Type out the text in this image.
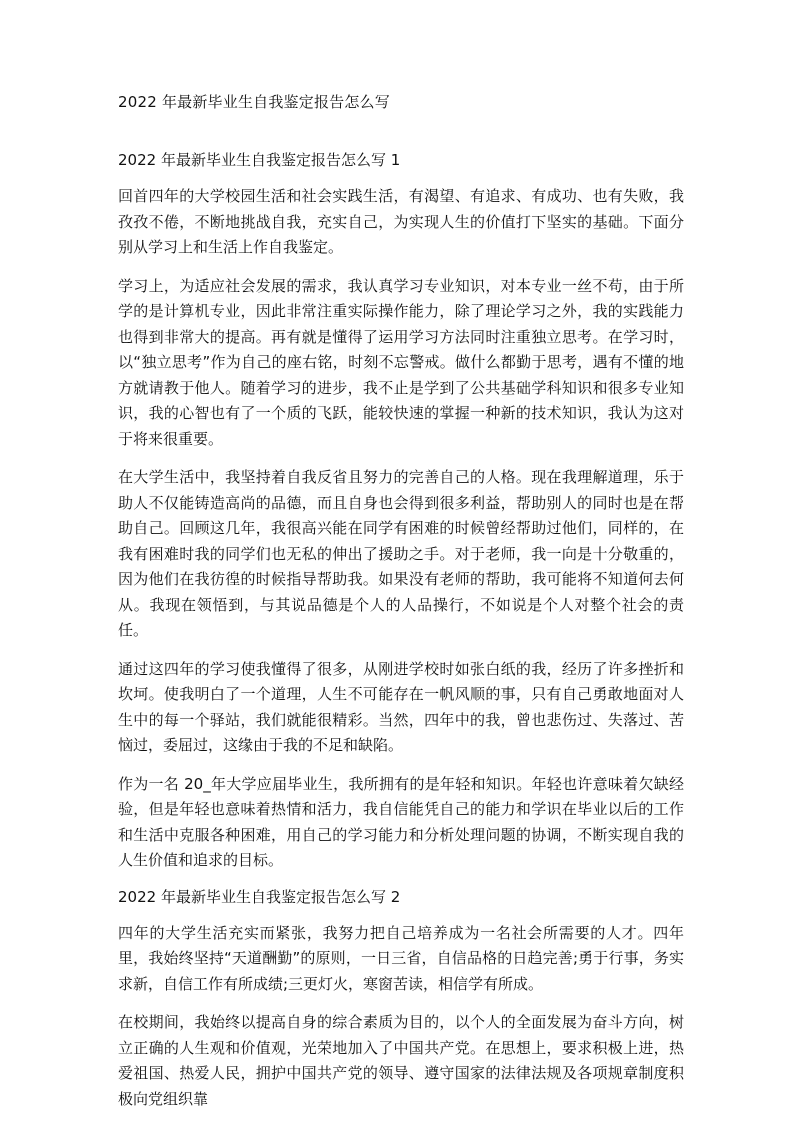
2022 年最新毕业生自我鉴定报告怎么写
2022 年最新毕业生自我鉴定报告怎么写 1

回首四年的大学校园生活和社会实践生活，有渴望、有追求、有成功、也有失败，我孜孜不倦，不断地挑战自我，充实自己，为实现人生的价值打下坚实的基础。下面分别从学习上和生活上作自我鉴定。

学习上，为适应社会发展的需求，我认真学习专业知识，对本专业一丝不苟，由于所学的是计算机专业，因此非常注重实际操作能力，除了理论学习之外，我的实践能力也得到非常大的提高。再有就是懂得了运用学习方法同时注重独立思考。在学习时，以“独立思考”作为自己的座右铭，时刻不忘警戒。做什么都勤于思考，遇有不懂的地方就请教于他人。随着学习的进步，我不止是学到了公共基础学科知识和很多专业知识，我的心智也有了一个质的飞跃，能较快速的掌握一种新的技术知识，我认为这对于将来很重要。

在大学生活中，我坚持着自我反省且努力的完善自己的人格。现在我理解道理，乐于助人不仅能铸造高尚的品德，而且自身也会得到很多利益，帮助别人的同时也是在帮助自己。回顾这几年，我很高兴能在同学有困难的时候曾经帮助过他们，同样的，在我有困难时我的同学们也无私的伸出了援助之手。对于老师，我一向是十分敬重的，因为他们在我彷徨的时候指导帮助我。如果没有老师的帮助，我可能将不知道何去何从。我现在领悟到，与其说品德是个人的人品操行，不如说是个人对整个社会的责任。

通过这四年的学习使我懂得了很多，从刚进学校时如张白纸的我，经历了许多挫折和坎坷。使我明白了一个道理，人生不可能存在一帆风顺的事，只有自己勇敢地面对人生中的每一个驿站，我们就能很精彩。当然，四年中的我，曾也悲伤过、失落过、苦恼过，委屈过，这缘由于我的不足和缺陷。

作为一名 20_年大学应届毕业生，我所拥有的是年轻和知识。年轻也许意味着欠缺经验，但是年轻也意味着热情和活力，我自信能凭自己的能力和学识在毕业以后的工作和生活中克服各种困难，用自己的学习能力和分析处理问题的协调，不断实现自我的人生价值和追求的目标。

2022 年最新毕业生自我鉴定报告怎么写 2

四年的大学生活充实而紧张，我努力把自己培养成为一名社会所需要的人才。四年里，我始终坚持“天道酬勤”的原则，一日三省，自信品格的日趋完善;勇于行事，务实求新，自信工作有所成绩;三更灯火，寒窗苦读，相信学有所成。

在校期间，我始终以提高自身的综合素质为目的，以个人的全面发展为奋斗方向，树立正确的人生观和价值观，光荣地加入了中国共产党。在思想上，要求积极上进，热爱祖国、热爱人民，拥护中国共产党的领导、遵守国家的法律法规及各项规章制度积极向党组织靠
